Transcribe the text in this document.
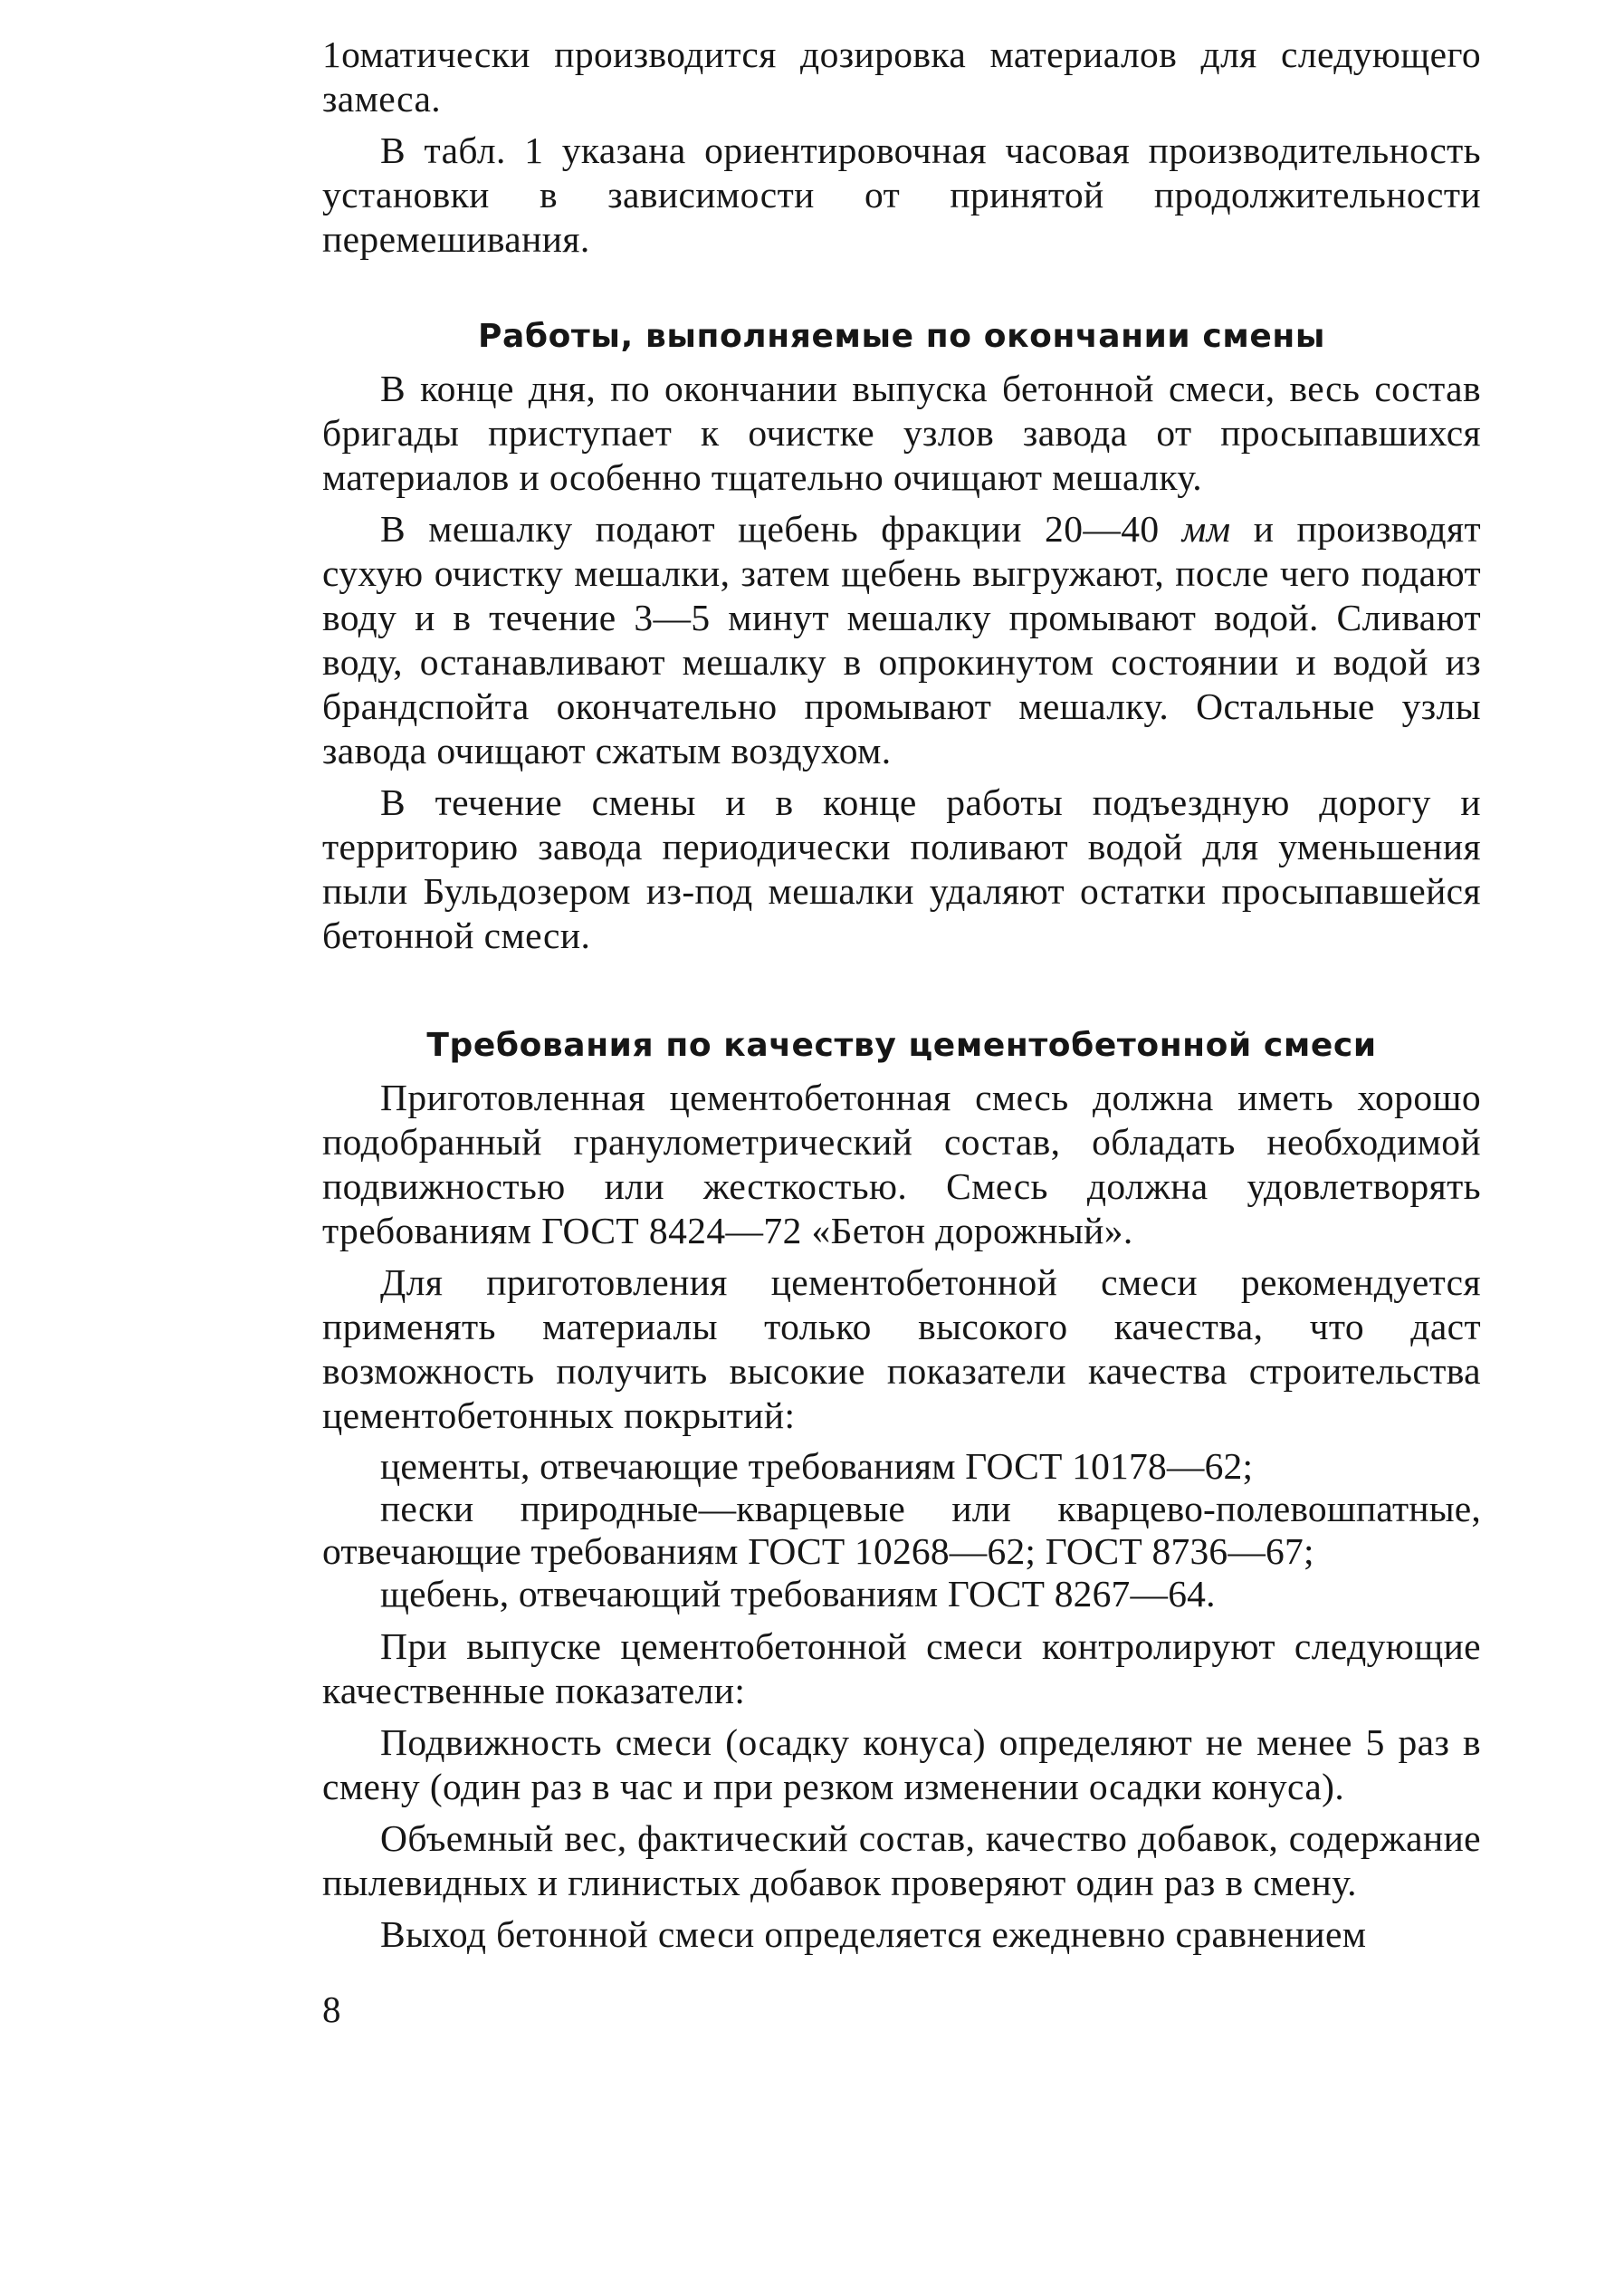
1оматически производится дозировка материалов для следующего замеса.

В табл. 1 указана ориентировочная часовая производительность установки в зависимости от принятой продолжительности перемешивания.

Работы, выполняемые по окончании смены

В конце дня, по окончании выпуска бетонной смеси, весь состав бригады приступает к очистке узлов завода от просыпавшихся материалов и особенно тщательно очищают мешалку.

В мешалку подают щебень фракции 20—40 мм и производят сухую очистку мешалки, затем щебень выгружают, после чего подают воду и в течение 3—5 минут мешалку промывают водой. Сливают воду, останавливают мешалку в опрокинутом состоянии и водой из брандспойта окончательно промывают мешалку. Остальные узлы завода очищают сжатым воздухом.

В течение смены и в конце работы подъездную дорогу и территорию завода периодически поливают водой для уменьшения пыли Бульдозером из-под мешалки удаляют остатки просыпавшейся бетонной смеси.

Требования по качеству цементобетонной смеси

Приготовленная цементобетонная смесь должна иметь хорошо подобранный гранулометрический состав, обладать необходимой подвижностью или жесткостью. Смесь должна удовлетворять требованиям ГОСТ 8424—72 «Бетон дорожный».

Для приготовления цементобетонной смеси рекомендуется применять материалы только высокого качества, что даст возможность получить высокие показатели качества строительства цементобетонных покрытий:

цементы, отвечающие требованиям ГОСТ 10178—62;

пески природные—кварцевые или кварцево-полевошпатные, отвечающие требованиям ГОСТ 10268—62; ГОСТ 8736—67;

щебень, отвечающий требованиям ГОСТ 8267—64.

При выпуске цементобетонной смеси контролируют следующие качественные показатели:

Подвижность смеси (осадку конуса) определяют не менее 5 раз в смену (один раз в час и при резком изменении осадки конуса).

Объемный вес, фактический состав, качество добавок, содержание пылевидных и глинистых добавок проверяют один раз в смену.

Выход бетонной смеси определяется ежедневно сравнением

8
